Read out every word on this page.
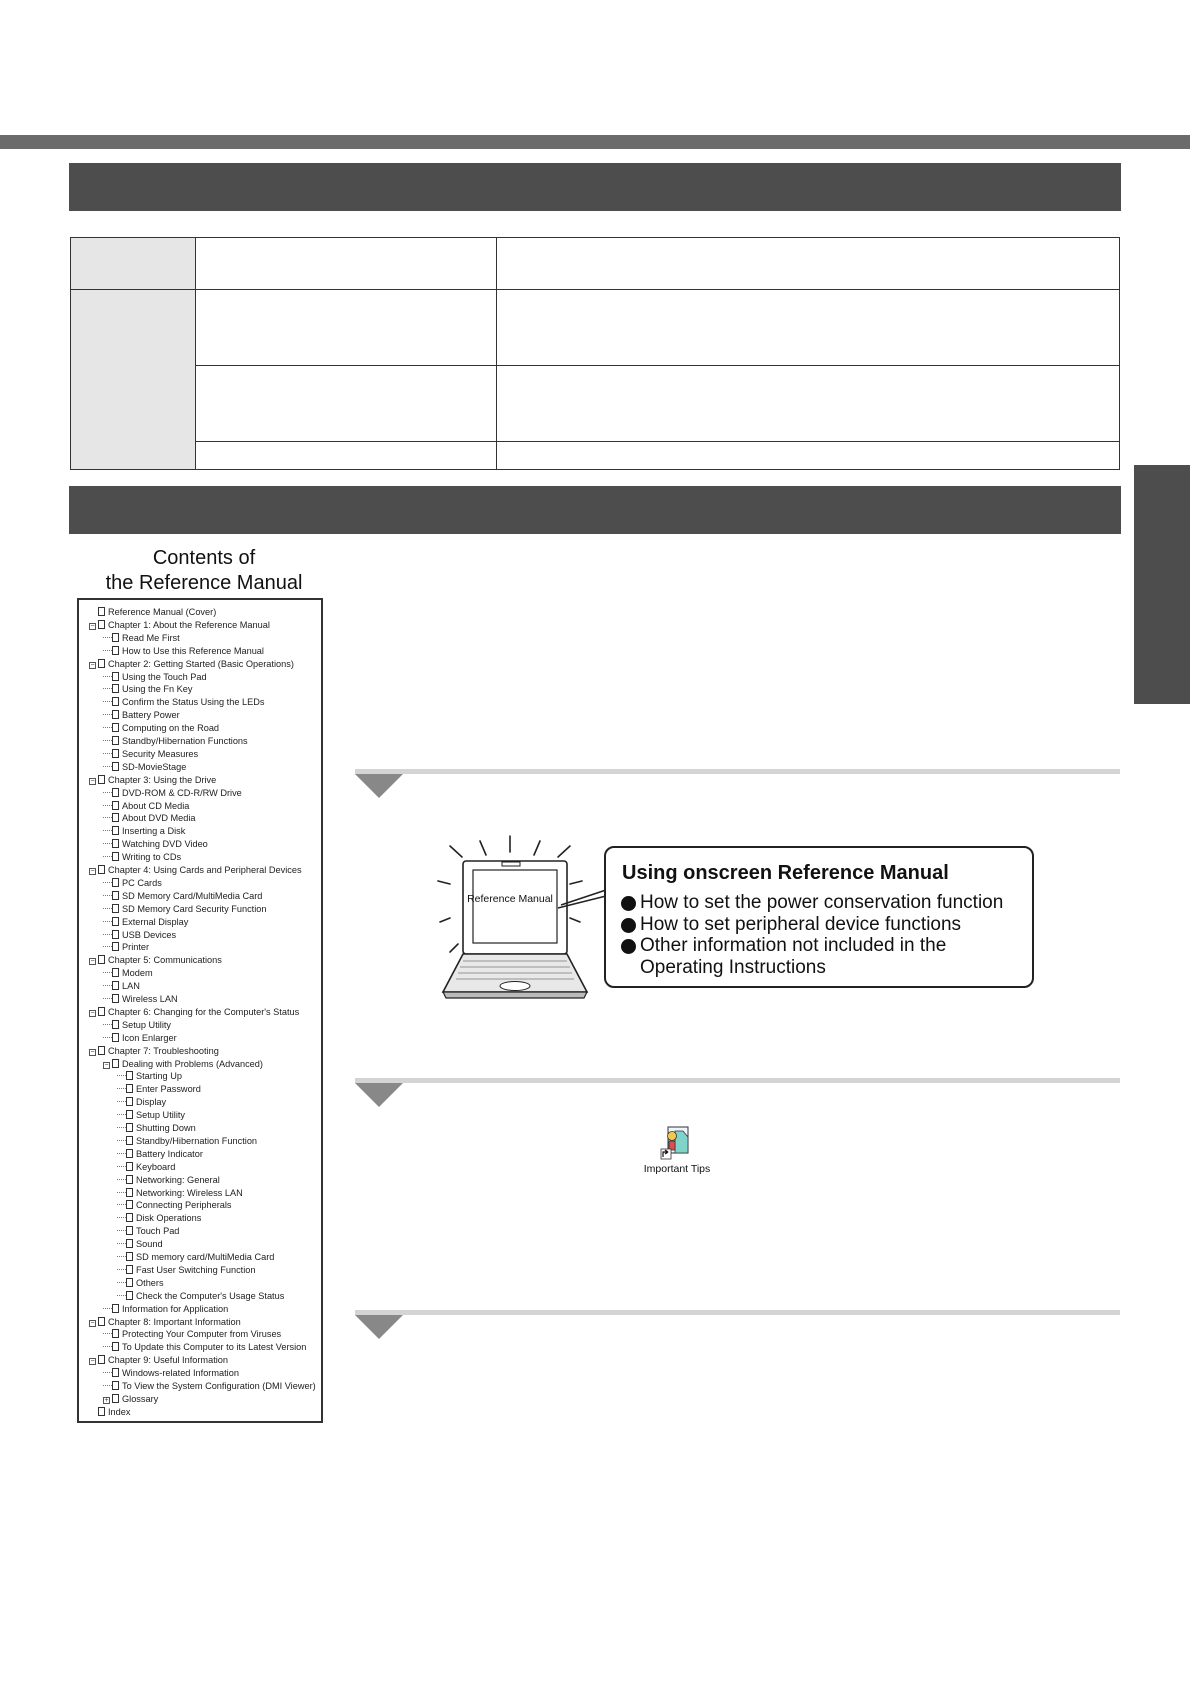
Contents of
the Reference Manual
Reference Manual (Cover)
− Chapter 1: About the Reference Manual
Read Me First
How to Use this Reference Manual
− Chapter 2: Getting Started (Basic Operations)
Using the Touch Pad
Using the Fn Key
Confirm the Status Using the LEDs
Battery Power
Computing on the Road
Standby/Hibernation Functions
Security Measures
SD-MovieStage
− Chapter 3: Using the Drive
DVD-ROM & CD-R/RW Drive
About CD Media
About DVD Media
Inserting a Disk
Watching DVD Video
Writing to CDs
− Chapter 4: Using Cards and Peripheral Devices
PC Cards
SD Memory Card/MultiMedia Card
SD Memory Card Security Function
External Display
USB Devices
Printer
− Chapter 5: Communications
Modem
LAN
Wireless LAN
− Chapter 6: Changing for the Computer's Status
Setup Utility
Icon Enlarger
− Chapter 7: Troubleshooting
− Dealing with Problems (Advanced)
Starting Up
Enter Password
Display
Setup Utility
Shutting Down
Standby/Hibernation Function
Battery Indicator
Keyboard
Networking: General
Networking: Wireless LAN
Connecting Peripherals
Disk Operations
Touch Pad
Sound
SD memory card/MultiMedia Card
Fast User Switching Function
Others
Check the Computer's Usage Status
Information for Application
− Chapter 8: Important Information
Protecting Your Computer from Viruses
To Update this Computer to its Latest Version
− Chapter 9: Useful Information
Windows-related Information
To View the System Configuration (DMI Viewer)
+ Glossary
Index
Reference Manual
Using onscreen Reference Manual
How to set the power conservation function
How to set peripheral device functions
Other information not included in the
Operating Instructions
Important Tips
